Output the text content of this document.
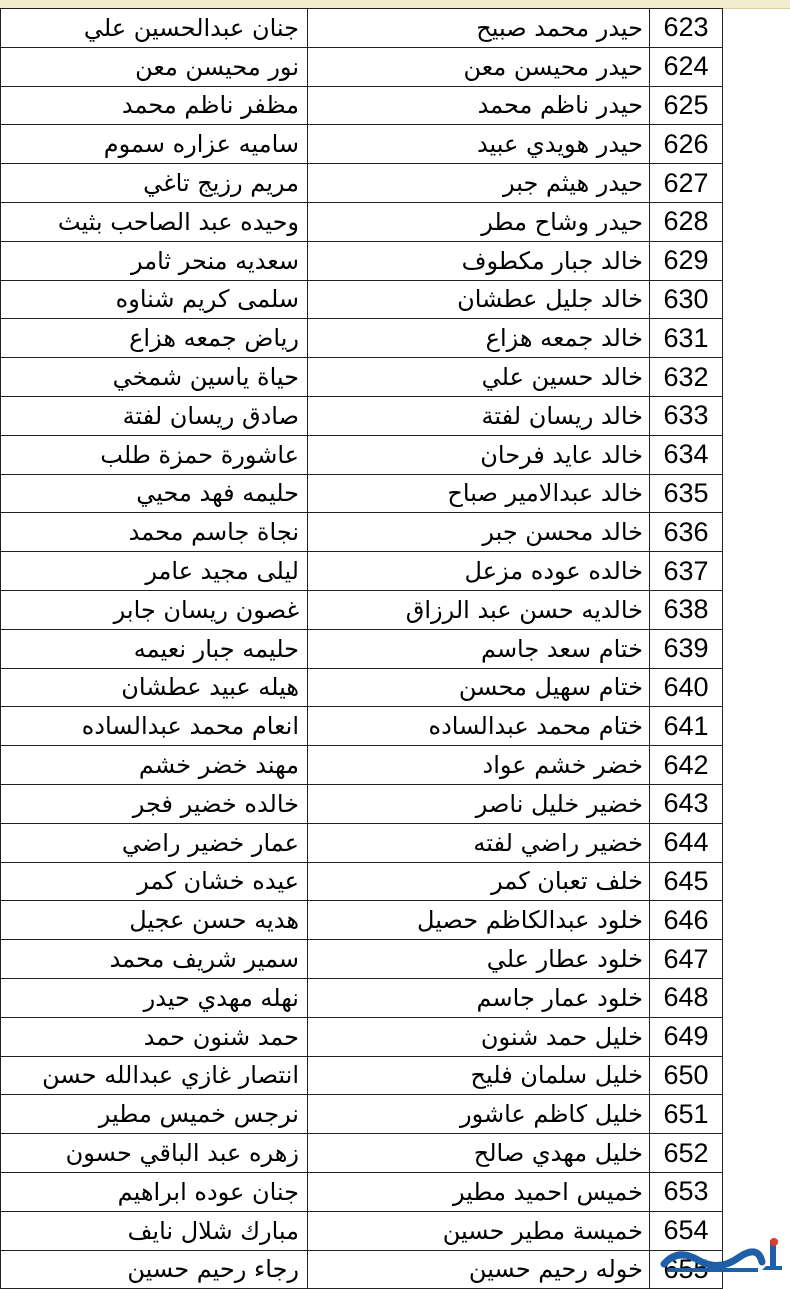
جنان عبدالحسين علي	حيدر محمد صبيح	623	
نور محيسن معن	حيدر محيسن معن	624	
مظفر ناظم محمد	حيدر ناظم محمد	625	
ساميه عزاره سموم	حيدر هويدي عبيد	626	
مريم رزيج تاغي	حيدر هيثم جبر	627	
وحيده عبد الصاحب بثيث	حيدر وشاح مطر	628	
سعديه منحر ثامر	خالد جبار مكطوف	629	
سلمى كريم شناوه	خالد جليل عطشان	630	
رياض جمعه هزاع	خالد جمعه هزاع	631	
حياة ياسين شمخي	خالد حسين علي	632	
صادق ريسان لفتة	خالد ريسان لفتة	633	
عاشورة حمزة طلب	خالد عايد فرحان	634	
حليمه فهد محيي	خالد عبدالامير صباح	635	
نجاة جاسم محمد	خالد محسن جبر	636	
ليلى مجيد عامر	خالده عوده مزعل	637	
غصون ريسان جابر	خالديه حسن عبد الرزاق	638	
حليمه جبار نعيمه	ختام سعد جاسم	639	
هيله عبيد عطشان	ختام سهيل محسن	640	
انعام محمد عبدالساده	ختام محمد عبدالساده	641	
مهند خضر خشم	خضر خشم عواد	642	
خالده خضير فجر	خضير خليل ناصر	643	
عمار خضير راضي	خضير راضي لفته	644	
عيده خشان كمر	خلف تعبان كمر	645	
هديه حسن عجيل	خلود عبدالكاظم حصيل	646	
سمير شريف محمد	خلود عطار علي	647	
نهله مهدي حيدر	خلود عمار جاسم	648	
حمد شنون حمد	خليل حمد شنون	649	
انتصار غازي عبدالله حسن	خليل سلمان فليح	650	
نرجس خميس مطير	خليل كاظم عاشور	651	
زهره عبد الباقي حسون	خليل مهدي صالح	652	
جنان عوده ابراهيم	خميس احميد مطير	653	
مبارك شلال نايف	خميسة مطير حسين	654	
رجاء رحيم حسين	خوله رحيم حسين	655	
